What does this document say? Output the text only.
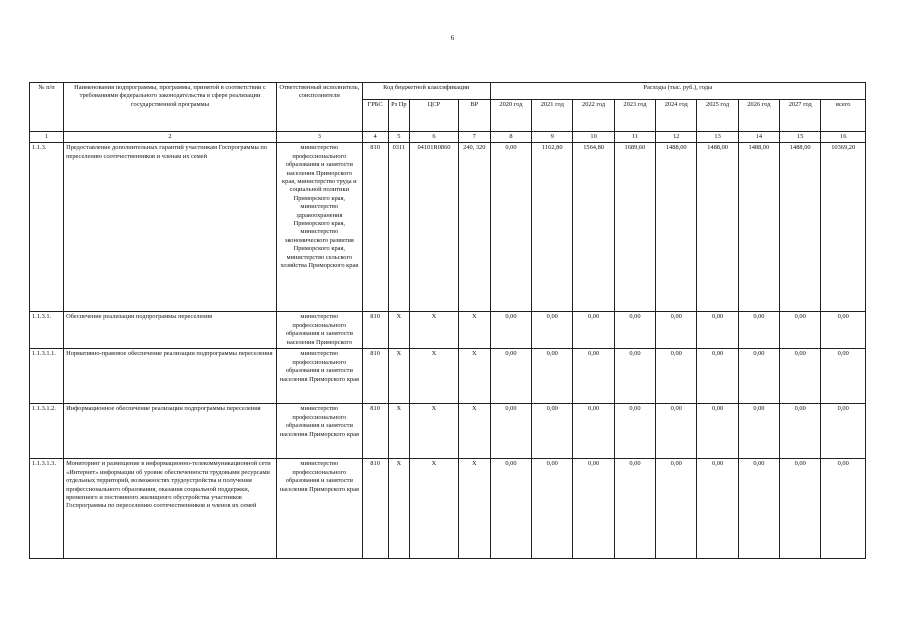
6
№ п/п	Наименования подпрограммы, программы, принятой в соответствии с требованиями федерального законодательства в сфере реализации государственной программы	Ответственный исполнитель, соисполнители	Код бюджетной классификации				Расходы (тыс. руб.), годы								
			ГРБС	Рз Пр	ЦСР	ВР	2020 год	2021 год	2022 год	2023 год	2024 год	2025 год	2026 год	2027 год	всего
1	2	3	4	5	6	7	8	9	10	11	12	13	14	15	16
1.1.3.	Предоставление дополнительных гарантий участникам Госпрограммы по переселению соотечественников и членам их семей	министерство профессионального образования и занятости населения Приморского края, министерство труда и социальной политики Приморского края, министерство здравоохранения Приморского края, министерство экономического развития Приморского края, министерство сельского хозяйства Приморского края	810	0311	04101R0860	240, 320	0,00	1162,80	1564,80	1689,60	1488,00	1488,00	1488,00	1488,00	10369,20
1.1.3.1.	Обеспечение реализации подпрограммы переселения	министерство профессионального образования и занятости населения Приморского	810	X	X	X	0,00	0,00	0,00	0,00	0,00	0,00	0,00	0,00	0,00
1.1.3.1.1.	Нормативно-правовое обеспечение реализации подпрограммы переселения	министерство профессионального образования и занятости населения Приморского края	810	X	X	X	0,00	0,00	0,00	0,00	0,00	0,00	0,00	0,00	0,00
1.1.3.1.2.	Информационное обеспечение реализации подпрограммы переселения	министерство профессионального образования и занятости населения Приморского края	810	X	X	X	0,00	0,00	0,00	0,00	0,00	0,00	0,00	0,00	0,00
1.1.3.1.3.	Мониторинг и размещение в информационно-телекоммуникационной сети «Интернет» информации об уровне обеспеченности трудовыми ресурсами отдельных территорий, возможностях трудоустройства и получения профессионального образования, оказания социальной поддержки, временного и постоянного жилищного обустройства участников Госпрограммы по переселению соотечественников и членов их семей	министерство профессионального образования и занятости населения Приморского края	810	X	X	X	0,00	0,00	0,00	0,00	0,00	0,00	0,00	0,00	0,00
